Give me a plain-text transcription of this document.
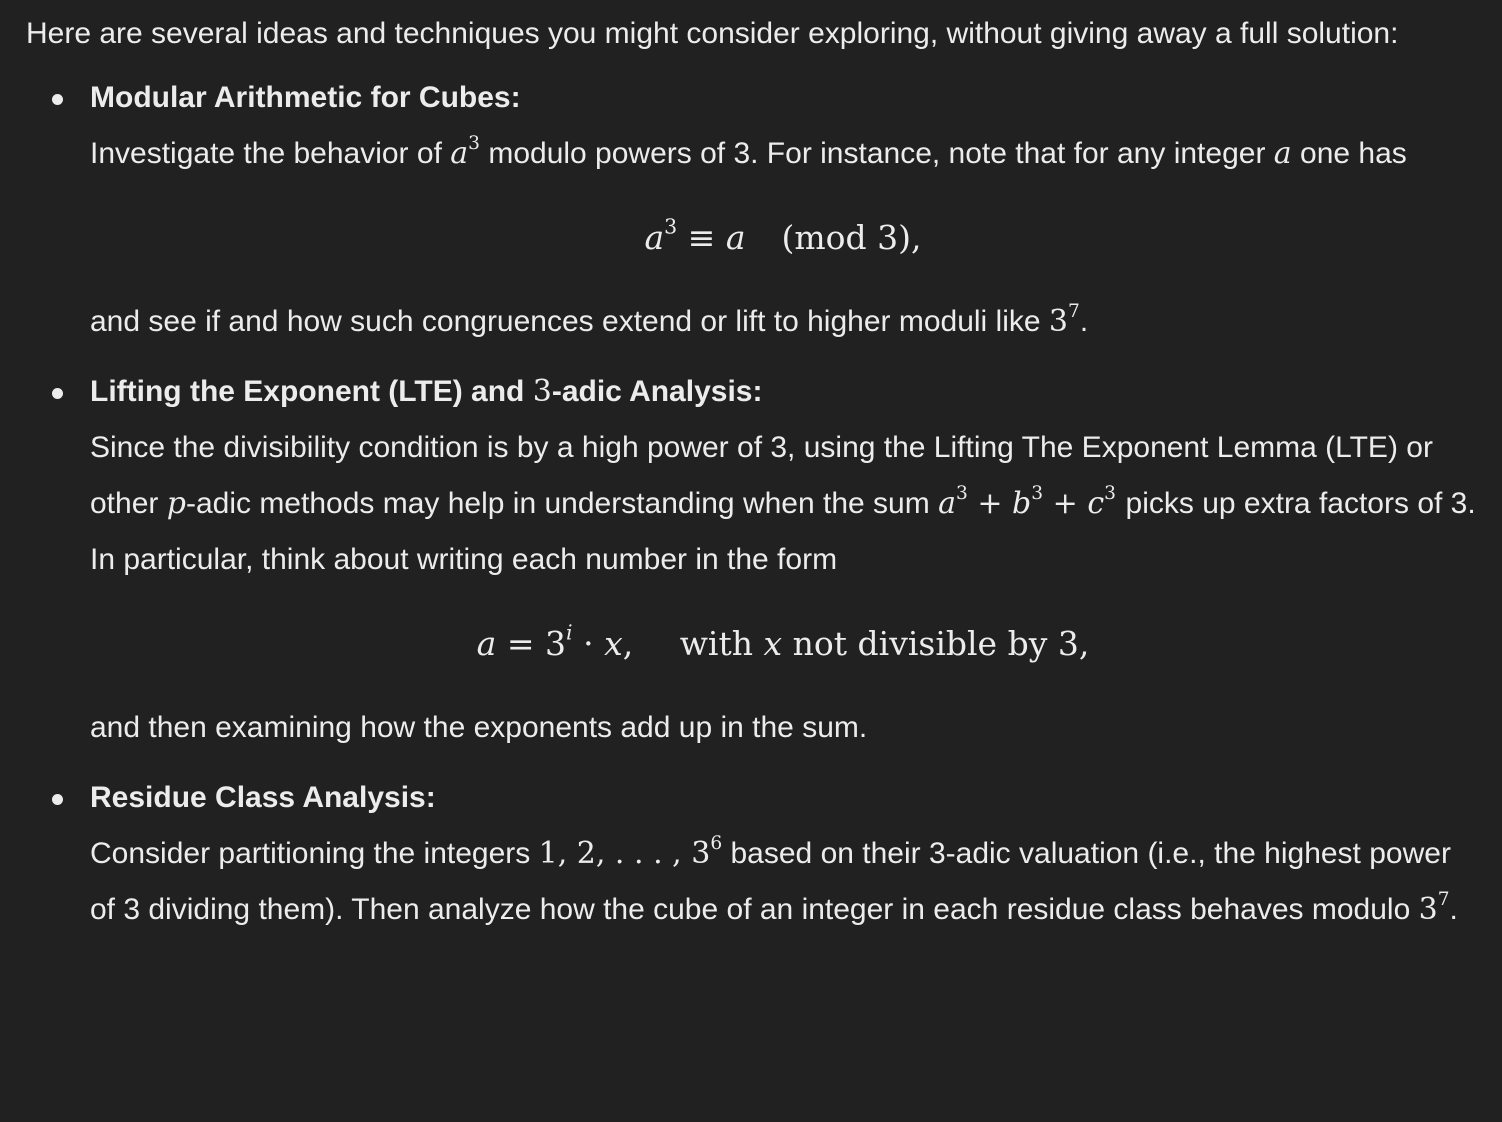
Here are several ideas and techniques you might consider exploring, without giving away a full solution:

Modular Arithmetic for Cubes:
Investigate the behavior of $a^3$ modulo powers of 3. For instance, note that for any integer a one has
$a^3 \equiv a$ (mod 3),
and see if and how such congruences extend or lift to higher moduli like $3^7$.
Lifting the Exponent (LTE) and 3-adic Analysis:
Since the divisibility condition is by a high power of 3, using the Lifting The Exponent Lemma (LTE) or other p-adic methods may help in understanding when the sum $a^3 + b^3 + c^3$ picks up extra factors of 3. In particular, think about writing each number in the form
$a = 3^i \cdot x$, with x not divisible by 3,
and then examining how the exponents add up in the sum.
Residue Class Analysis:
Consider partitioning the integers 1, 2, . . . , $3^6$ based on their 3-adic valuation (i.e., the highest power of 3 dividing them). Then analyze how the cube of an integer in each residue class behaves modulo $3^7$.
